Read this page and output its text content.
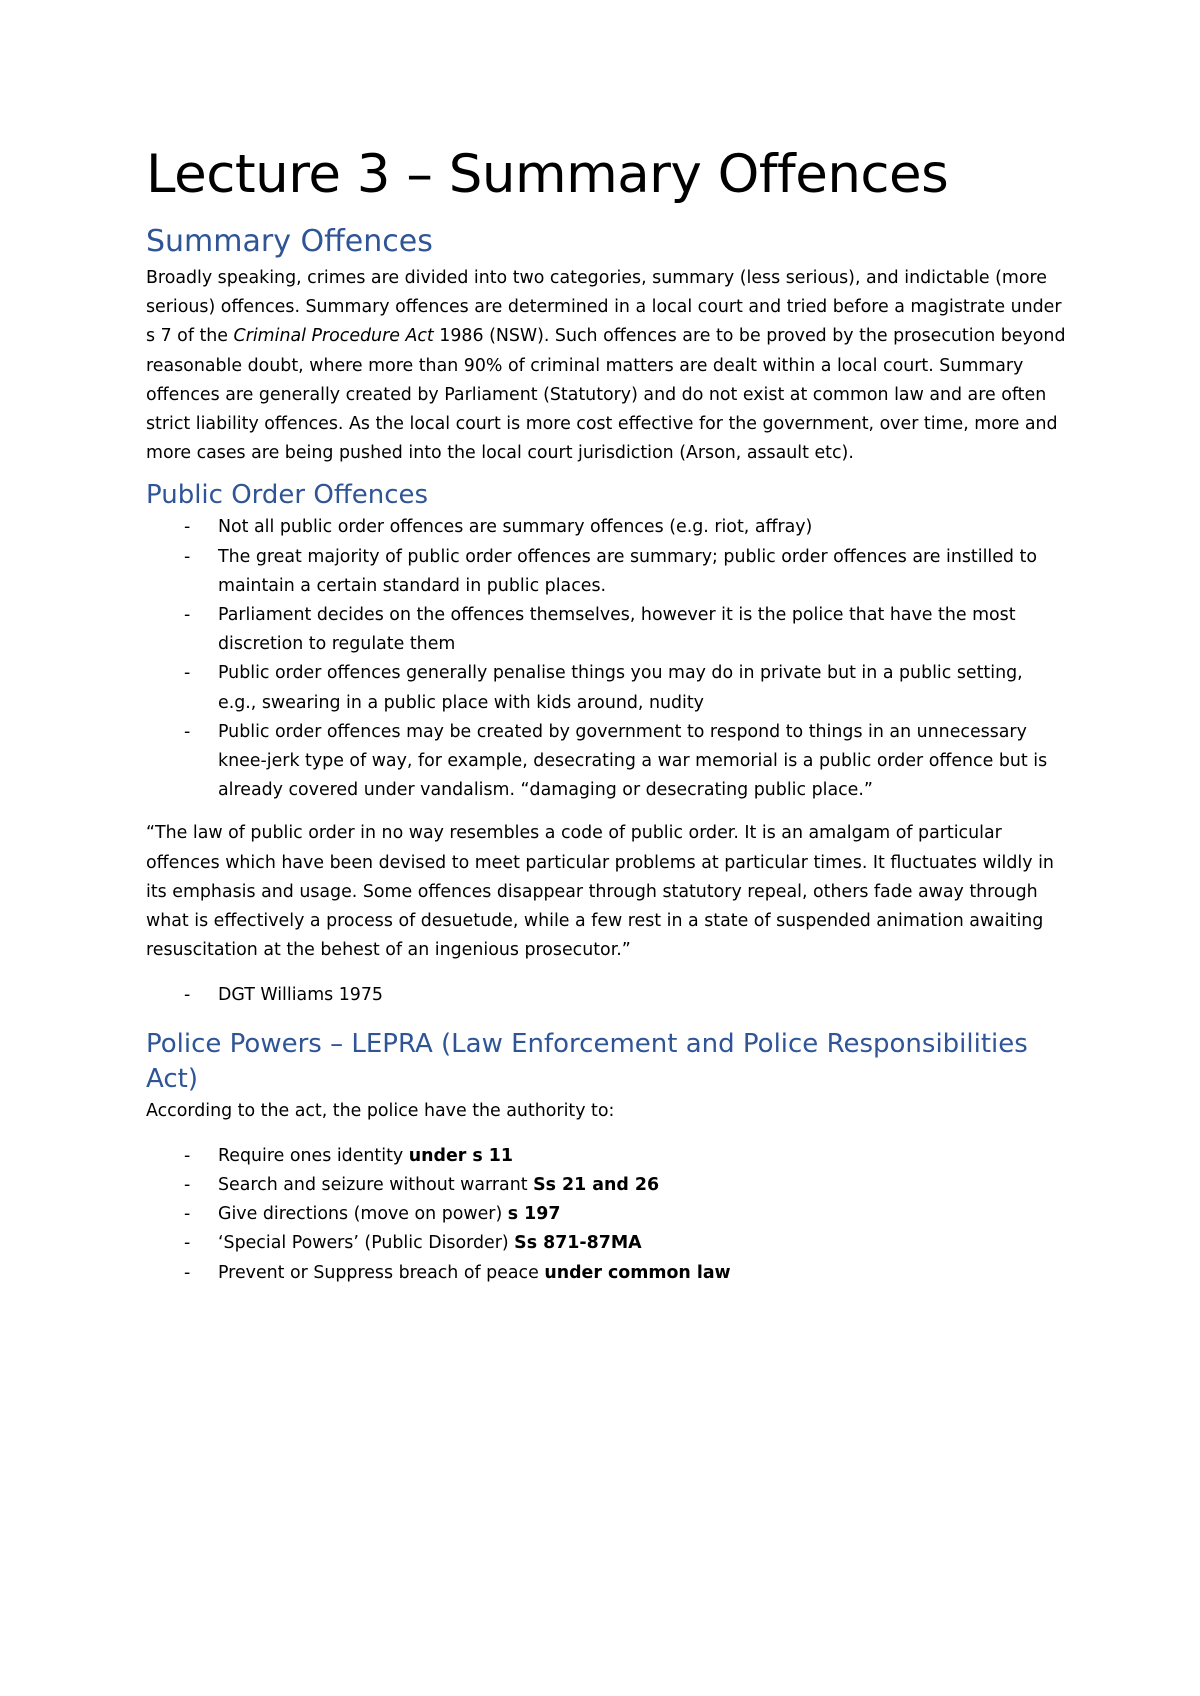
Lecture 3 – Summary Offences
Summary Offences

Broadly speaking, crimes are divided into two categories, summary (less serious), and indictable (more serious) offences. Summary offences are determined in a local court and tried before a magistrate under s 7 of the Criminal Procedure Act 1986 (NSW). Such offences are to be proved by the prosecution beyond reasonable doubt, where more than 90% of criminal matters are dealt within a local court. Summary offences are generally created by Parliament (Statutory) and do not exist at common law and are often strict liability offences. As the local court is more cost effective for the government, over time, more and more cases are being pushed into the local court jurisdiction (Arson, assault etc).

Public Order Offences
- Not all public order offences are summary offences (e.g. riot, affray)
- The great majority of public order offences are summary; public order offences are instilled to maintain a certain standard in public places.
- Parliament decides on the offences themselves, however it is the police that have the most discretion to regulate them
- Public order offences generally penalise things you may do in private but in a public setting, e.g., swearing in a public place with kids around, nudity
- Public order offences may be created by government to respond to things in an unnecessary knee-jerk type of way, for example, desecrating a war memorial is a public order offence but is already covered under vandalism. “damaging or desecrating public place.”

“The law of public order in no way resembles a code of public order. It is an amalgam of particular offences which have been devised to meet particular problems at particular times. It fluctuates wildly in its emphasis and usage. Some offences disappear through statutory repeal, others fade away through what is effectively a process of desuetude, while a few rest in a state of suspended animation awaiting resuscitation at the behest of an ingenious prosecutor.”

- DGT Williams 1975
Police Powers – LEPRA (Law Enforcement and Police Responsibilities Act)

According to the act, the police have the authority to:

- Require ones identity under s 11
- Search and seizure without warrant Ss 21 and 26
- Give directions (move on power) s 197
- ‘Special Powers’ (Public Disorder) Ss 871-87MA
- Prevent or Suppress breach of peace under common law
